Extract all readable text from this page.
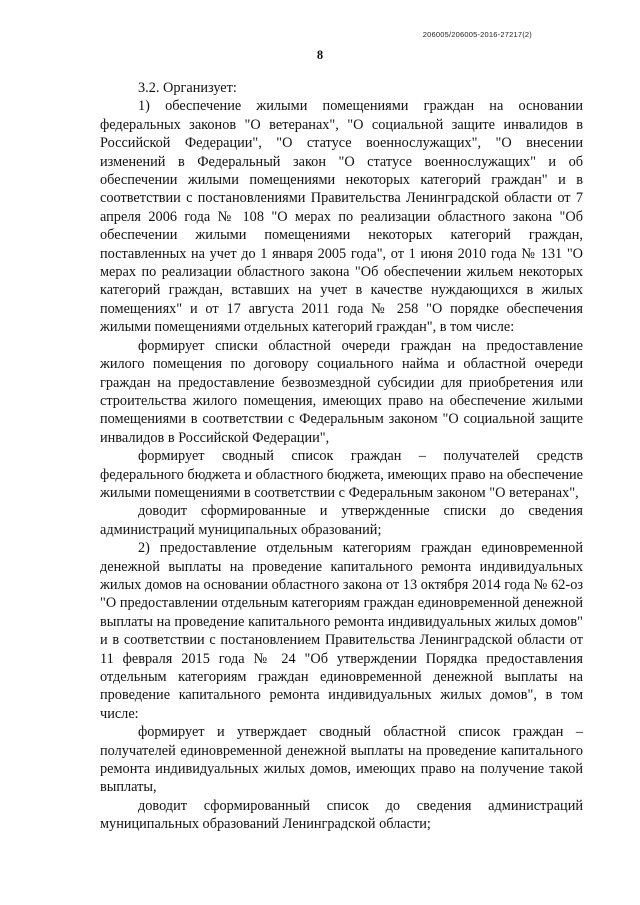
206005/206005-2016-27217(2)
8

3.2. Организует:

1) обеспечение жилыми помещениями граждан на основании федеральных законов "О ветеранах", "О социальной защите инвалидов в Российской Федерации", "О статусе военнослужащих", "О внесении изменений в Федеральный закон "О статусе военнослужащих" и об обеспечении жилыми помещениями некоторых категорий граждан" и в соответствии с постановлениями Правительства Ленинградской области от 7 апреля 2006 года № 108 "О мерах по реализации областного закона "Об обеспечении жилыми помещениями некоторых категорий граждан, поставленных на учет до 1 января 2005 года", от 1 июня 2010 года № 131 "О мерах по реализации областного закона "Об обеспечении жильем некоторых категорий граждан, вставших на учет в качестве нуждающихся в жилых помещениях" и от 17 августа 2011 года № 258 "О порядке обеспечения жилыми помещениями отдельных категорий граждан", в том числе:

формирует списки областной очереди граждан на предоставление жилого помещения по договору социального найма и областной очереди граждан на предоставление безвозмездной субсидии для приобретения или строительства жилого помещения, имеющих право на обеспечение жилыми помещениями в соответствии с Федеральным законом "О социальной защите инвалидов в Российской Федерации",

формирует сводный список граждан – получателей средств федерального бюджета и областного бюджета, имеющих право на обеспечение жилыми помещениями в соответствии с Федеральным законом "О ветеранах",

доводит сформированные и утвержденные списки до сведения администраций муниципальных образований;

2) предоставление отдельным категориям граждан единовременной денежной выплаты на проведение капитального ремонта индивидуальных жилых домов на основании областного закона от 13 октября 2014 года № 62-оз "О предоставлении отдельным категориям граждан единовременной денежной выплаты на проведение капитального ремонта индивидуальных жилых домов" и в соответствии с постановлением Правительства Ленинградской области от 11 февраля 2015 года № 24 "Об утверждении Порядка предоставления отдельным категориям граждан единовременной денежной выплаты на проведение капитального ремонта индивидуальных жилых домов", в том числе:

формирует и утверждает сводный областной список граждан – получателей единовременной денежной выплаты на проведение капитального ремонта индивидуальных жилых домов, имеющих право на получение такой выплаты,

доводит сформированный список до сведения администраций муниципальных образований Ленинградской области;
